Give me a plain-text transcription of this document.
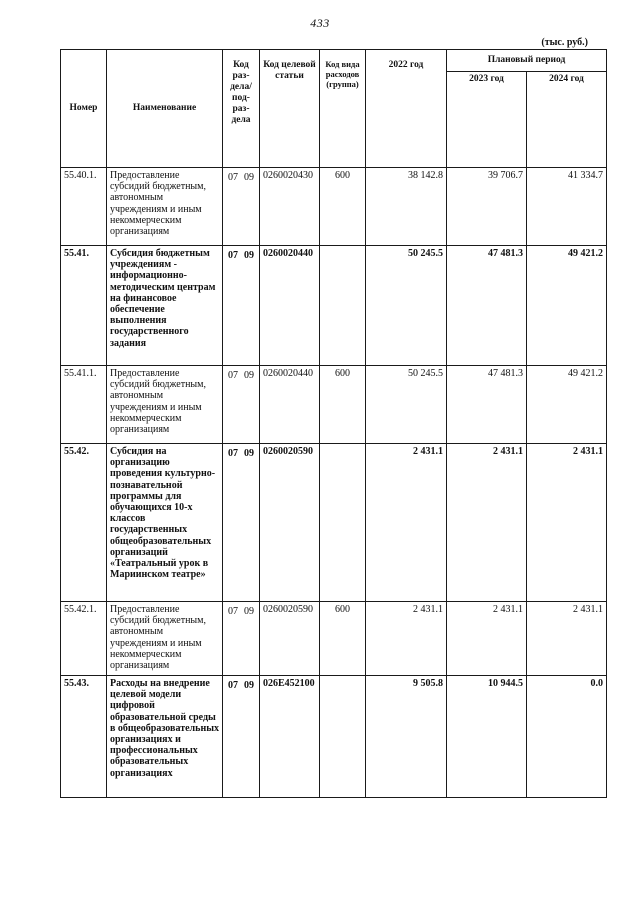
433
(тыс. руб.)
Номер	Наименование	Код раз- дела/ под- раз- дела	Код целевой статьи	Код вида расходов (группа)	2022 год	Плановый период	
						2023 год	2024 год
55.40.1.	Предоставление субсидий бюджетным, автономным учреждениям и иным некоммерческим организациям	07 09	0260020430	600	38 142.8	39 706.7	41 334.7
55.41.	Субсидия бюджетным учреждениям - информационно-методическим центрам на финансовое обеспечение выполнения государственного задания	07 09	0260020440		50 245.5	47 481.3	49 421.2
55.41.1.	Предоставление субсидий бюджетным, автономным учреждениям и иным некоммерческим организациям	07 09	0260020440	600	50 245.5	47 481.3	49 421.2
55.42.	Субсидия на организацию проведения культурно-познавательной программы для обучающихся 10-х классов государственных общеобразовательных организаций «Театральный урок в Мариинском театре»	07 09	0260020590		2 431.1	2 431.1	2 431.1
55.42.1.	Предоставление субсидий бюджетным, автономным учреждениям и иным некоммерческим организациям	07 09	0260020590	600	2 431.1	2 431.1	2 431.1
55.43.	Расходы на внедрение целевой модели цифровой образовательной среды в общеобразовательных организациях и профессиональных образовательных организациях	07 09	026E452100		9 505.8	10 944.5	0.0
